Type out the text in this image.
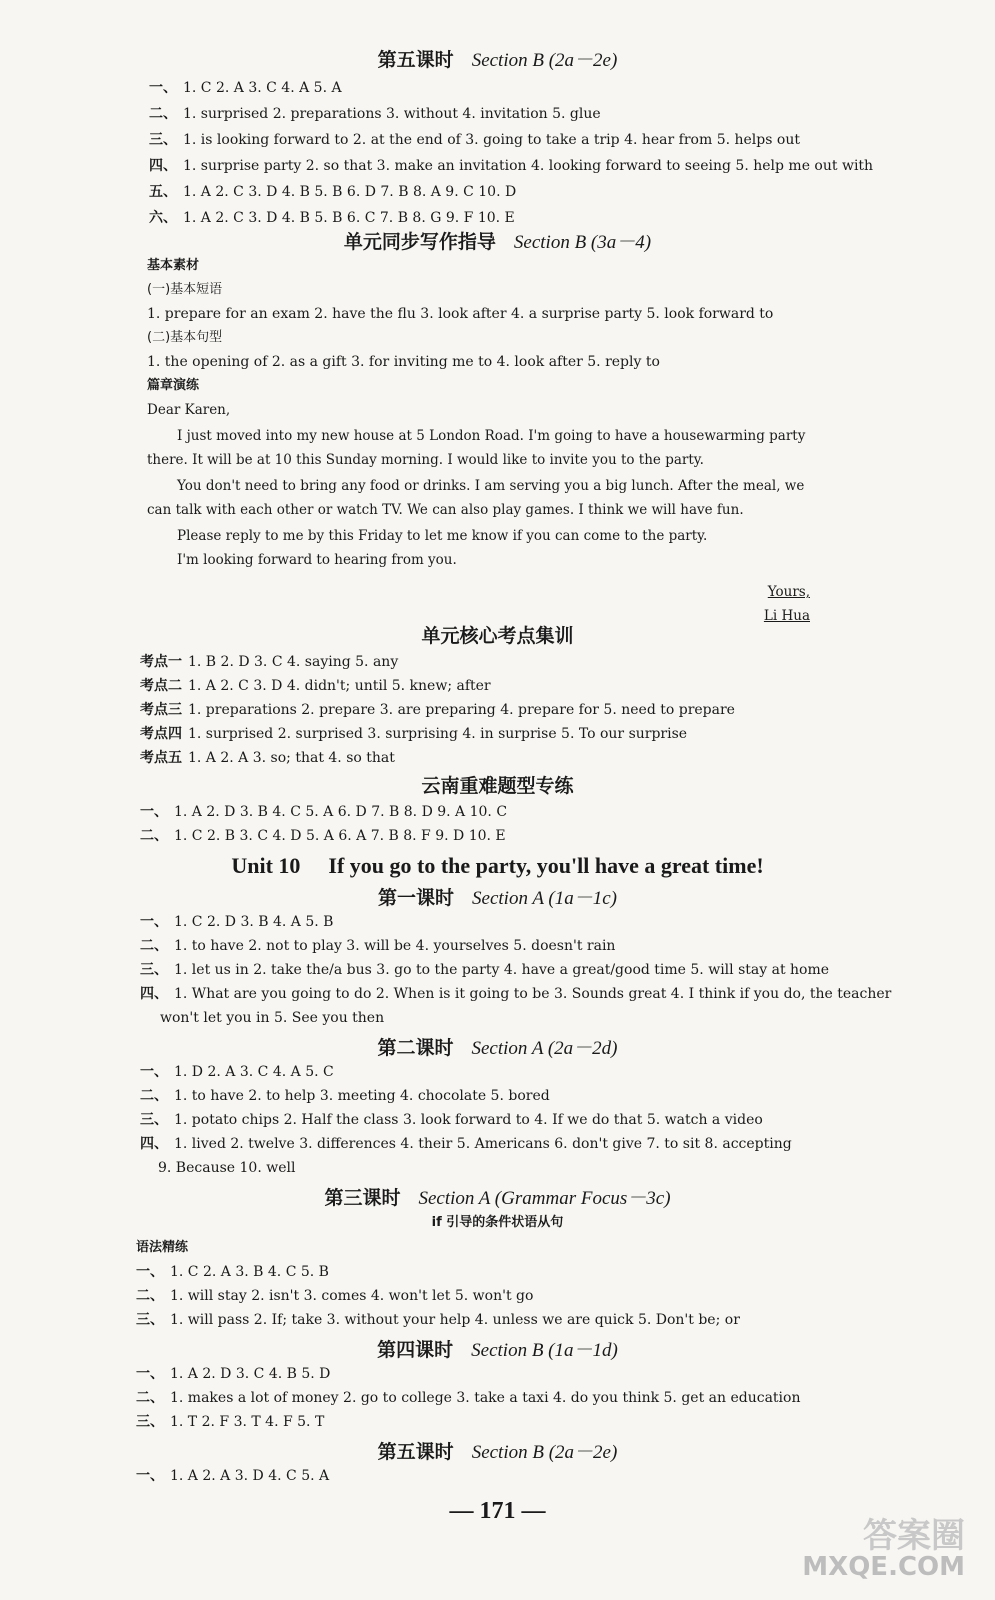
第五课时 Section B (2a－2e)
一、 1. C 2. A 3. C 4. A 5. A
二、 1. surprised 2. preparations 3. without 4. invitation 5. glue
三、 1. is looking forward to 2. at the end of 3. going to take a trip 4. hear from 5. helps out
四、 1. surprise party 2. so that 3. make an invitation 4. looking forward to seeing 5. help me out with
五、 1. A 2. C 3. D 4. B 5. B 6. D 7. B 8. A 9. C 10. D
六、 1. A 2. C 3. D 4. B 5. B 6. C 7. B 8. G 9. F 10. E
单元同步写作指导 Section B (3a－4)
基本素材
(一)基本短语
1. prepare for an exam 2. have the flu 3. look after 4. a surprise party 5. look forward to
(二)基本句型
1. the opening of 2. as a gift 3. for inviting me to 4. look after 5. reply to
篇章演练
Dear Karen,
I just moved into my new house at 5 London Road. I'm going to have a housewarming party there. It will be at 10 this Sunday morning. I would like to invite you to the party.
You don't need to bring any food or drinks. I am serving you a big lunch. After the meal, we can talk with each other or watch TV. We can also play games. I think we will have fun.
Please reply to me by this Friday to let me know if you can come to the party.
I'm looking forward to hearing from you.
Yours,
Li Hua
单元核心考点集训
考点一 1. B 2. D 3. C 4. saying 5. any
考点二 1. A 2. C 3. D 4. didn't; until 5. knew; after
考点三 1. preparations 2. prepare 3. are preparing 4. prepare for 5. need to prepare
考点四 1. surprised 2. surprised 3. surprising 4. in surprise 5. To our surprise
考点五 1. A 2. A 3. so; that 4. so that
云南重难题型专练
一、 1. A 2. D 3. B 4. C 5. A 6. D 7. B 8. D 9. A 10. C
二、 1. C 2. B 3. C 4. D 5. A 6. A 7. B 8. F 9. D 10. E
Unit 10 If you go to the party, you'll have a great time!
第一课时 Section A (1a－1c)
一、 1. C 2. D 3. B 4. A 5. B
二、 1. to have 2. not to play 3. will be 4. yourselves 5. doesn't rain
三、 1. let us in 2. take the/a bus 3. go to the party 4. have a great/good time 5. will stay at home
四、 1. What are you going to do 2. When is it going to be 3. Sounds great 4. I think if you do, the teacher
won't let you in 5. See you then
第二课时 Section A (2a－2d)
一、 1. D 2. A 3. C 4. A 5. C
二、 1. to have 2. to help 3. meeting 4. chocolate 5. bored
三、 1. potato chips 2. Half the class 3. look forward to 4. If we do that 5. watch a video
四、 1. lived 2. twelve 3. differences 4. their 5. Americans 6. don't give 7. to sit 8. accepting
9. Because 10. well
第三课时 Section A (Grammar Focus－3c)
if 引导的条件状语从句
语法精练
一、 1. C 2. A 3. B 4. C 5. B
二、 1. will stay 2. isn't 3. comes 4. won't let 5. won't go
三、 1. will pass 2. If; take 3. without your help 4. unless we are quick 5. Don't be; or
第四课时 Section B (1a－1d)
一、 1. A 2. D 3. C 4. B 5. D
二、 1. makes a lot of money 2. go to college 3. take a taxi 4. do you think 5. get an education
三、 1. T 2. F 3. T 4. F 5. T
第五课时 Section B (2a－2e)
一、 1. A 2. A 3. D 4. C 5. A
— 171 —
答案圈
MXQE.COM
